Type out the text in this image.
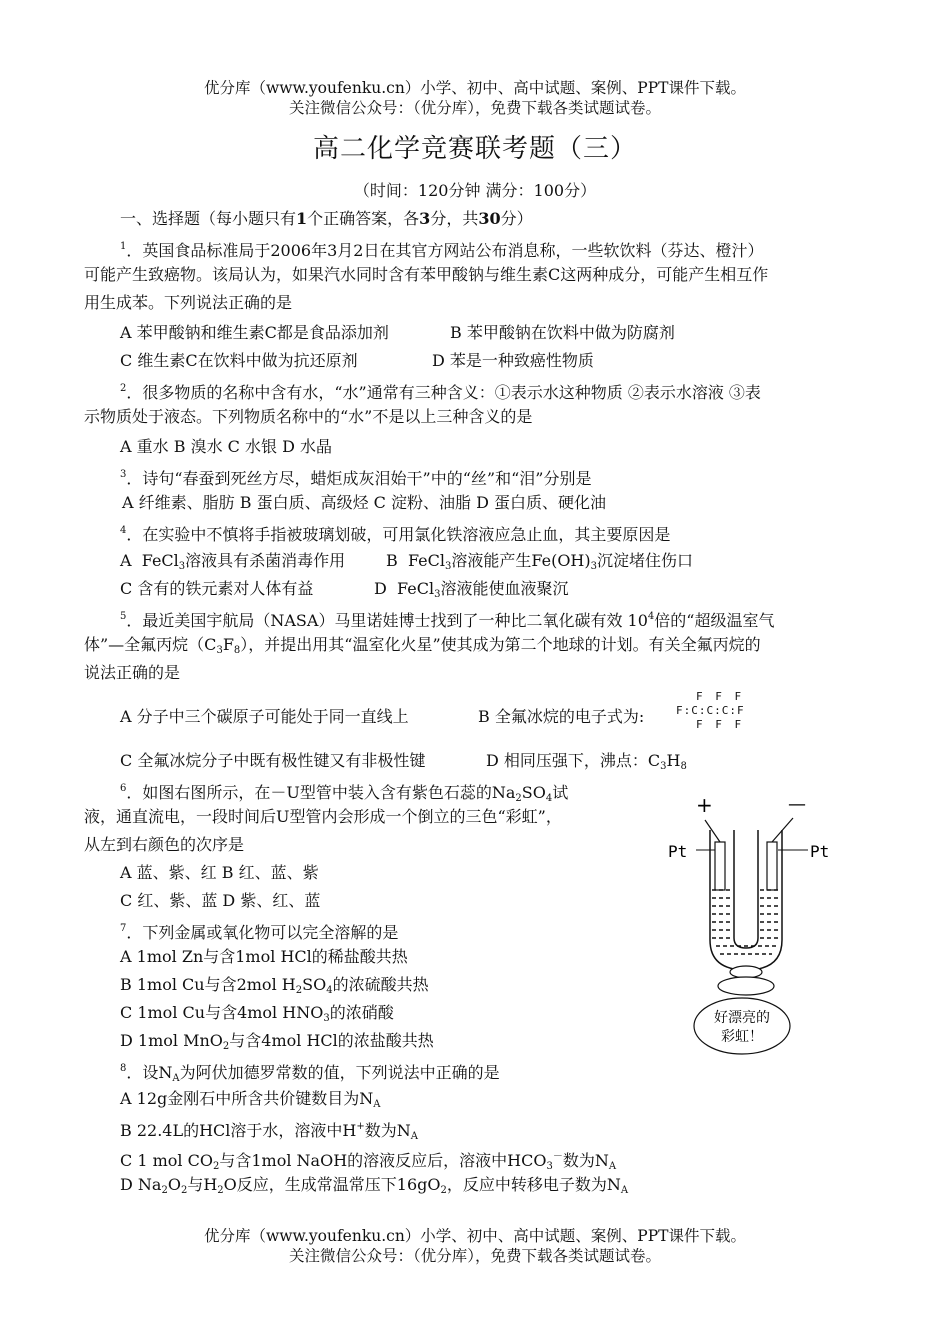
优分库（www.youfenku.cn）小学、初中、高中试题、案例、PPT课件下载。
关注微信公众号：（优分库），免费下载各类试题试卷。
高二化学竞赛联考题（三）
（时间：120分钟 满分：100分）
一、选择题（每小题只有1个正确答案，各3分，共30分）
$^1$．英国食品标准局于2006年3月2日在其官方网站公布消息称，一些软饮料（芬达、橙汁）
可能产生致癌物。该局认为，如果汽水同时含有苯甲酸钠与维生素C这两种成分，可能产生相互作
用生成苯。下列说法正确的是
A 苯甲酸钠和维生素C都是食品添加剂	B 苯甲酸钠在饮料中做为防腐剂
C 维生素C在饮料中做为抗还原剂	D 苯是一种致癌性物质
$^2$．很多物质的名称中含有水，“水”通常有三种含义：①表示水这种物质 ②表示水溶液 ③表
示物质处于液态。下列物质名称中的“水”不是以上三种含义的是
A 重水 B 溴水 C 水银 D 水晶
$^3$．诗句“春蚕到死丝方尽，蜡炬成灰泪始干”中的“丝”和“泪”分别是
A 纤维素、脂肪 B 蛋白质、高级烃 C 淀粉、油脂 D 蛋白质、硬化油
$^4$．在实验中不慎将手指被玻璃划破，可用氯化铁溶液应急止血，其主要原因是
A  FeCl3溶液具有杀菌消毒作用	B  FeCl3溶液能产生Fe(OH)3沉淀堵住伤口
C 含有的铁元素对人体有益	D  FeCl3溶液能使血液聚沉
$^5$．最近美国宇航局（NASA）马里诺娃博士找到了一种比二氧化碳有效 $10^4$倍的“超级温室气
体”—全氟丙烷（C3F8），并提出用其“温室化火星”使其成为第二个地球的计划。有关全氟丙烷的
说法正确的是
A 分子中三个碳原子可能处于同一直线上	B 全氟冰烷的电子式为:
F F F
F:C:C:C:F
F F F
C 全氟冰烷分子中既有极性键又有非极性键	D 相同压强下，沸点：C3H8
$^6$．如图右图所示，在－U型管中装入含有紫色石蕊的Na2SO4试
液，通直流电，一段时间后U型管内会形成一个倒立的三色“彩虹”，
从左到右颜色的次序是
A 蓝、紫、红 B 红、蓝、紫
C 红、紫、蓝 D 紫、红、蓝
+	—
Pt	Pt
好漂亮的
彩虹！
$^7$．下列金属或氧化物可以完全溶解的是
A 1mol Zn与含1mol HCl的稀盐酸共热
B 1mol Cu与含2mol H2SO4的浓硫酸共热
C 1mol Cu与含4mol HNO3的浓硝酸
D 1mol MnO2与含4mol HCl的浓盐酸共热
$^8$．设NA为阿伏加德罗常数的值，下列说法中正确的是
A 12g金刚石中所含共价键数目为NA
B 22.4L的HCl溶于水，溶液中H+数为NA
C 1 mol CO2与含1mol NaOH的溶液反应后，溶液中HCO3－数为NA
D Na2O2与H2O反应，生成常温常压下16gO2，反应中转移电子数为NA
优分库（www.youfenku.cn）小学、初中、高中试题、案例、PPT课件下载。
关注微信公众号：（优分库），免费下载各类试题试卷。
